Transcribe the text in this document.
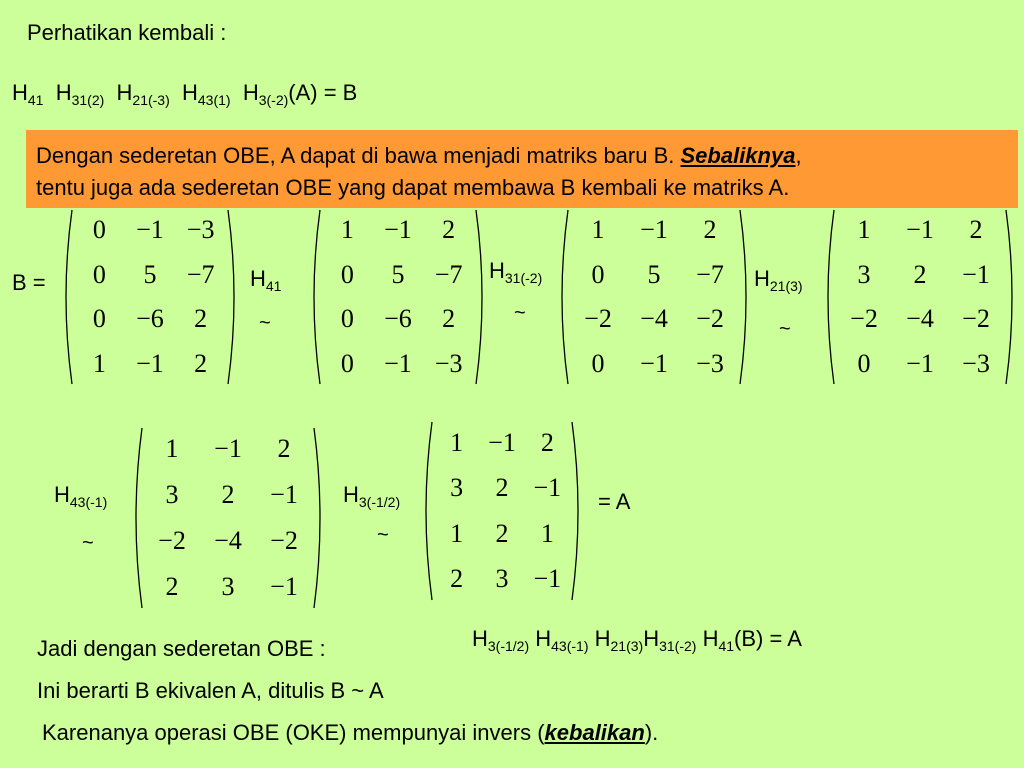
Perhatikan kembali :
$H_{41}$ $H_{31(2)}$ $H_{21(-3)}$ $H_{43(1)}$ $H_{3(-2)}(A) = B$
Dengan sederetan OBE, A dapat di bawa menjadi matriks baru B. Sebaliknya,
tentu juga ada sederetan OBE yang dapat membawa B kembali ke matriks A.
B =
0	−1 −3
0	5	−7
0	−6	2
1	−1	2
$H_{41}$
~
1	−1	2
0	5	−7
0	−6	2
0	−1 −3
$H_{31(-2)}$
~
1	−1	2
0	5	−7
−2	−4	−2
0	−1	−3
$H_{21(3)}$
~
1	−1	2
3	2	−1
−2	−4	−2
0	−1	−3
$H_{43(-1)}$
~
1	−1	2
3	2	−1
−2	−4	−2
2	3	−1
$H_{3(-1/2)}$
~
1 −1 2
3	2 −1
1	2	1
2	3 −1
= A
$H_{3(-1/2)}$ $H_{43(-1)}$ $H_{21(3)}H_{31(-2)}$ $H_{41}(B) = A$
Jadi dengan sederetan OBE :
Ini berarti B ekivalen A, ditulis B ~ A
Karenanya operasi OBE (OKE) mempunyai invers (kebalikan).
